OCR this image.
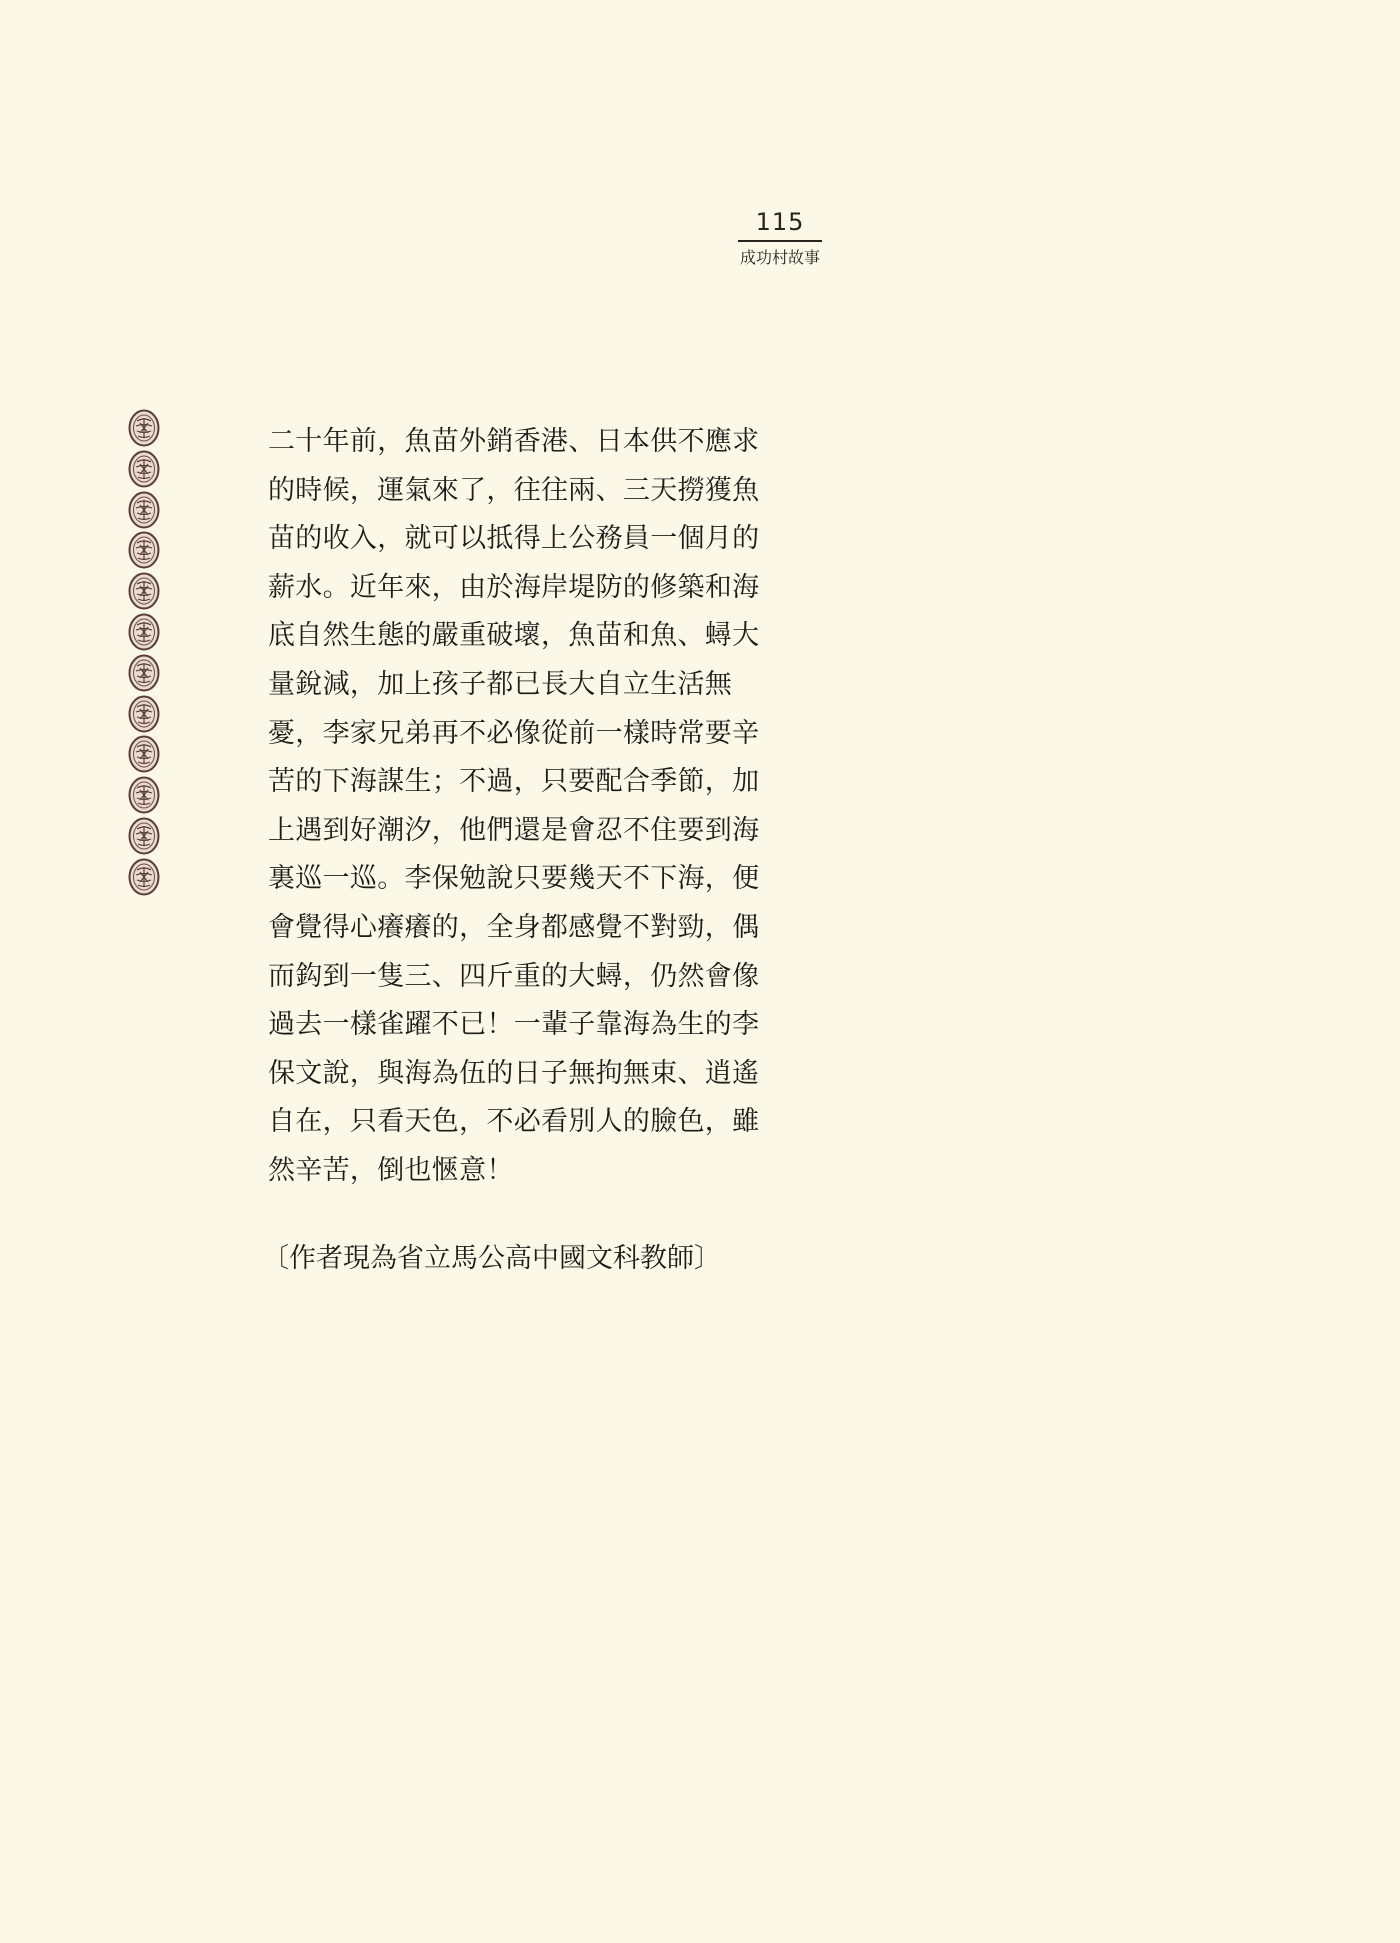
115
成功村故事
二十年前，魚苗外銷香港、日本供不應求
的時候，運氣來了，往往兩、三天撈獲魚
苗的收入，就可以抵得上公務員一個月的
薪水。近年來，由於海岸堤防的修築和海
底自然生態的嚴重破壞，魚苗和魚、蟳大
量銳減，加上孩子都已長大自立生活無
憂，李家兄弟再不必像從前一樣時常要辛
苦的下海謀生；不過，只要配合季節，加
上遇到好潮汐，他們還是會忍不住要到海
裏巡一巡。李保勉說只要幾天不下海，便
會覺得心癢癢的，全身都感覺不對勁，偶
而鈎到一隻三、四斤重的大蟳，仍然會像
過去一樣雀躍不已！一輩子靠海為生的李
保文說，與海為伍的日子無拘無束、逍遙
自在，只看天色，不必看別人的臉色，雖
然辛苦，倒也愜意！
〔作者現為省立馬公高中國文科教師〕
